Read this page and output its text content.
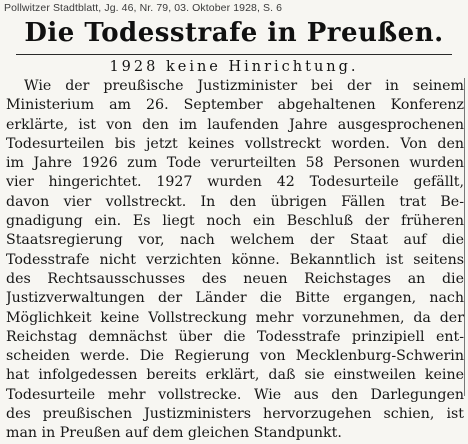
Pollwitzer Stadtblatt, Jg. 46, Nr. 79, 03. Oktober 1928, S. 6
Die Todesstrafe in Preußen.
1928 keine Hinrichtung.
Wie der preußische Justizminister bei der in seinem
Ministerium am 26. September abgehaltenen Konferenz
erklärte, ist von den im laufenden Jahre ausgesprochenen
Todesurteilen bis jetzt keines vollstreckt worden. Von den
im Jahre 1926 zum Tode verurteilten 58 Personen wurden
vier hingerichtet. 1927 wurden 42 Todesurteile gefällt,
davon vier vollstreckt. In den übrigen Fällen trat Be-
gnadigung ein. Es liegt noch ein Beschluß der früheren
Staatsregierung vor, nach welchem der Staat auf die
Todesstrafe nicht verzichten könne. Bekanntlich ist seitens
des Rechtsausschusses des neuen Reichstages an die
Justizverwaltungen der Länder die Bitte ergangen, nach
Möglichkeit keine Vollstreckung mehr vorzunehmen, da der
Reichstag demnächst über die Todesstrafe prinzipiell ent-
scheiden werde. Die Regierung von Mecklenburg-Schwerin
hat infolgedessen bereits erklärt, daß sie einstweilen keine
Todesurteile mehr vollstrecke. Wie aus den Darlegungen
des preußischen Justizministers hervorzugehen schien, ist
man in Preußen auf dem gleichen Standpunkt.
